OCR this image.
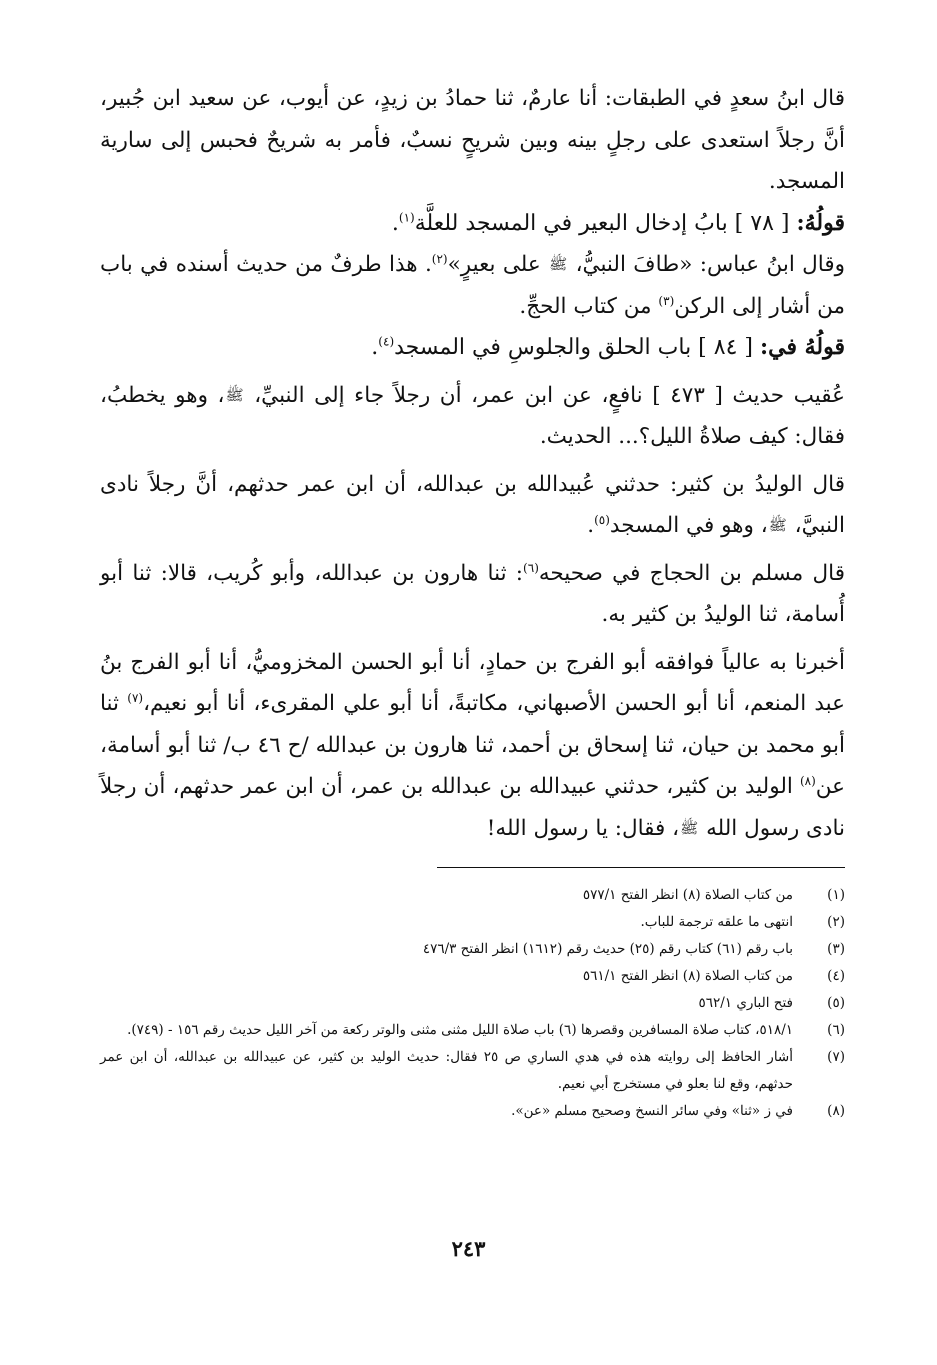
قال ابنُ سعدٍ في الطبقات: أنا عارمٌ، ثنا حمادُ بن زيدٍ، عن أيوب، عن سعيد ابن جُبير، أنَّ رجلاً استعدى على رجلٍ بينه وبين شريحٍ نسبٌ، فأمر به شريحٌ فحبس إلى سارية المسجد.

قولُهُ: [ ٧٨ ] بابُ إدخال البعير في المسجد للعلَّة$^{(١)}$.

وقال ابنُ عباس: «طافَ النبيُّ، ﷺ على بعيرٍ»$^{(٢)}$. هذا طرفٌ من حديث أسنده في باب من أشار إلى الركن$^{(٣)}$ من كتاب الحجِّ.

قولُهُ في: [ ٨٤ ] باب الحلق والجلوسِ في المسجد$^{(٤)}$.

عُقيب حديث [ ٤٧٣ ] نافعٍ، عن ابن عمر، أن رجلاً جاء إلى النبيِّ، ﷺ، وهو يخطبُ، فقال: كيف صلاةُ الليل؟... الحديث.

قال الوليدُ بن كثير: حدثني عُبيدالله بن عبدالله، أن ابن عمر حدثهم، أنَّ رجلاً نادى النبيَّ، ﷺ، وهو في المسجد$^{(٥)}$.

قال مسلم بن الحجاج في صحيحه$^{(٦)}$: ثنا هارون بن عبدالله، وأبو كُريب، قالا: ثنا أبو أُسامة، ثنا الوليدُ بن كثير به.

أخبرنا به عالياً فوافقه أبو الفرج بن حمادٍ، أنا أبو الحسن المخزوميُّ، أنا أبو الفرج بنُ عبد المنعم، أنا أبو الحسن الأصبهاني، مكاتبةً، أنا أبو علي المقرىء، أنا أبو نعيم،$^{(٧)}$ ثنا أبو محمد بن حيان، ثنا إسحاق بن أحمد، ثنا هارون بن عبدالله /ح ٤٦ ب/ ثنا أبو أسامة، عن$^{(٨)}$ الوليد بن كثير، حدثني عبيدالله بن عبدالله بن عمر، أن ابن عمر حدثهم، أن رجلاً نادى رسول الله ﷺ، فقال: يا رسول الله!

(١)
من كتاب الصلاة (٨) انظر الفتح ٥٧٧/١
(٢)
انتهى ما علقه ترجمة للباب.
(٣)
باب رقم (٦١) كتاب رقم (٢٥) حديث رقم (١٦١٢) انظر الفتح ٤٧٦/٣
(٤)
من كتاب الصلاة (٨) انظر الفتح ٥٦١/١
(٥)
فتح الباري ٥٦٢/١
(٦)
٥١٨/١، كتاب صلاة المسافرين وقصرها (٦) باب صلاة الليل مثنى مثنى والوتر ركعة من آخر الليل حديث رقم ١٥٦ - (٧٤٩).
(٧)
أشار الحافظ إلى روايته هذه في هدي الساري ص ٢٥ فقال: حديث الوليد بن كثير، عن عبيدالله بن عبدالله، أن ابن عمر حدثهم، وقع لنا بعلو في مستخرج أبي نعيم.
(٨)
في ز «ثنا» وفي سائر النسخ وصحيح مسلم «عن».
٢٤٣
